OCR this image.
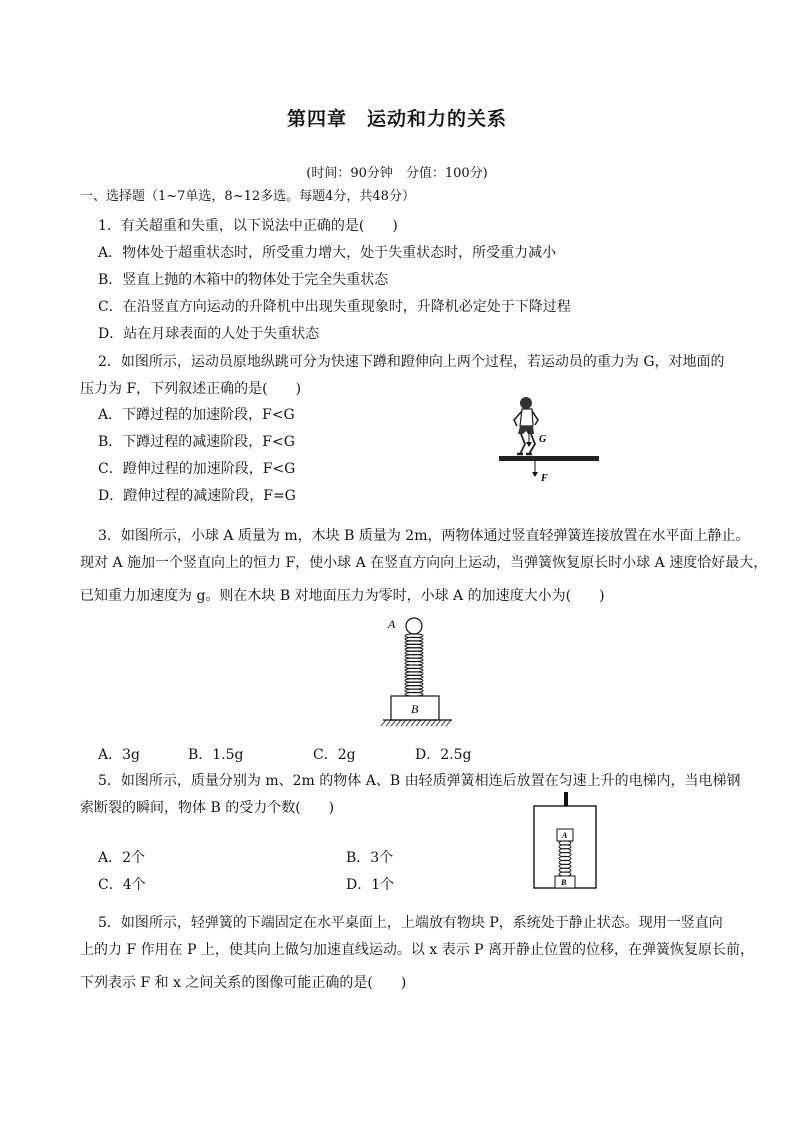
第四章　运动和力的关系
(时间：90分钟　分值：100分)
一、选择题（1~7单选，8~12多选。每题4分，共48分）
1．有关超重和失重，以下说法中正确的是(　　)
A．物体处于超重状态时，所受重力增大，处于失重状态时，所受重力减小
B．竖直上抛的木箱中的物体处于完全失重状态
C．在沿竖直方向运动的升降机中出现失重现象时，升降机必定处于下降过程
D．站在月球表面的人处于失重状态
2．如图所示，运动员原地纵跳可分为快速下蹲和蹬伸向上两个过程，若运动员的重力为 G，对地面的
压力为 F，下列叙述正确的是(　　)
A．下蹲过程的加速阶段，F<G
B．下蹲过程的减速阶段，F<G
C．蹬伸过程的加速阶段，F<G
D．蹬伸过程的减速阶段，F=G
G
F
3．如图所示，小球 A 质量为 m，木块 B 质量为 2m，两物体通过竖直轻弹簧连接放置在水平面上静止。
现对 A 施加一个竖直向上的恒力 F，使小球 A 在竖直方向向上运动，当弹簧恢复原长时小球 A 速度恰好最大，
已知重力加速度为 g。则在木块 B 对地面压力为零时，小球 A 的加速度大小为(　　)
A
B
A．3g	B．1.5g	C．2g	D．2.5g
5．如图所示，质量分别为 m、2m 的物体 A、B 由轻质弹簧相连后放置在匀速上升的电梯内，当电梯钢
索断裂的瞬间，物体 B 的受力个数(　　)
A．2个	B．3个
C．4个	D．1个
A
B
5．如图所示，轻弹簧的下端固定在水平桌面上，上端放有物块 P，系统处于静止状态。现用一竖直向
上的力 F 作用在 P 上，使其向上做匀加速直线运动。以 x 表示 P 离开静止位置的位移，在弹簧恢复原长前，
下列表示 F 和 x 之间关系的图像可能正确的是(　　)
